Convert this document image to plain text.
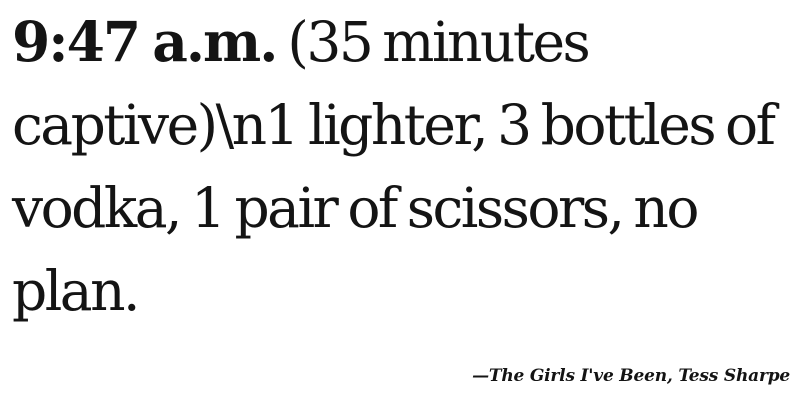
9:47 a.m. (35 minutes captive)\n1 lighter, 3 bottles of vodka, 1 pair of scissors, no plan.

—The Girls I've Been, Tess Sharpe
